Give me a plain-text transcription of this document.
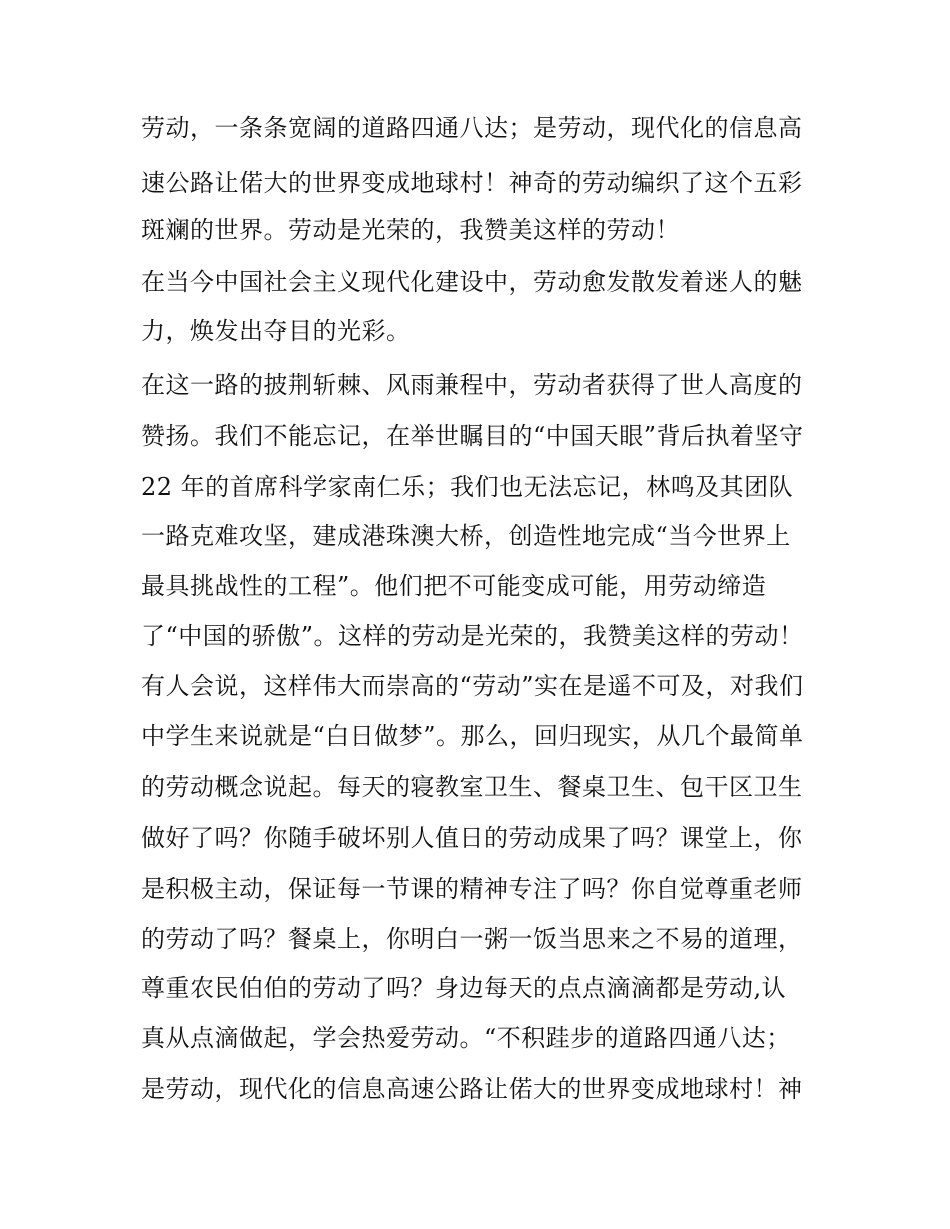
劳动，一条条宽阔的道路四通八达；是劳动，现代化的信息高
速公路让偌大的世界变成地球村！神奇的劳动编织了这个五彩
斑斓的世界。劳动是光荣的，我赞美这样的劳动！
在当今中国社会主义现代化建设中，劳动愈发散发着迷人的魅
力，焕发出夺目的光彩。
在这一路的披荆斩棘、风雨兼程中，劳动者获得了世人高度的
赞扬。我们不能忘记，在举世瞩目的“中国天眼”背后执着坚守
22 年的首席科学家南仁乐；我们也无法忘记，林鸣及其团队
一路克难攻坚，建成港珠澳大桥，创造性地完成“当今世界上
最具挑战性的工程”。他们把不可能变成可能，用劳动缔造
了“中国的骄傲”。这样的劳动是光荣的，我赞美这样的劳动！
有人会说，这样伟大而崇高的“劳动”实在是遥不可及，对我们
中学生来说就是“白日做梦”。那么，回归现实，从几个最简单
的劳动概念说起。每天的寝教室卫生、餐桌卫生、包干区卫生
做好了吗？你随手破坏别人值日的劳动成果了吗？课堂上，你
是积极主动，保证每一节课的精神专注了吗？你自觉尊重老师
的劳动了吗？餐桌上，你明白一粥一饭当思来之不易的道理，
尊重农民伯伯的劳动了吗？身边每天的点点滴滴都是劳动,认
真从点滴做起，学会热爱劳动。“不积跬步的道路四通八达；
是劳动，现代化的信息高速公路让偌大的世界变成地球村！神
